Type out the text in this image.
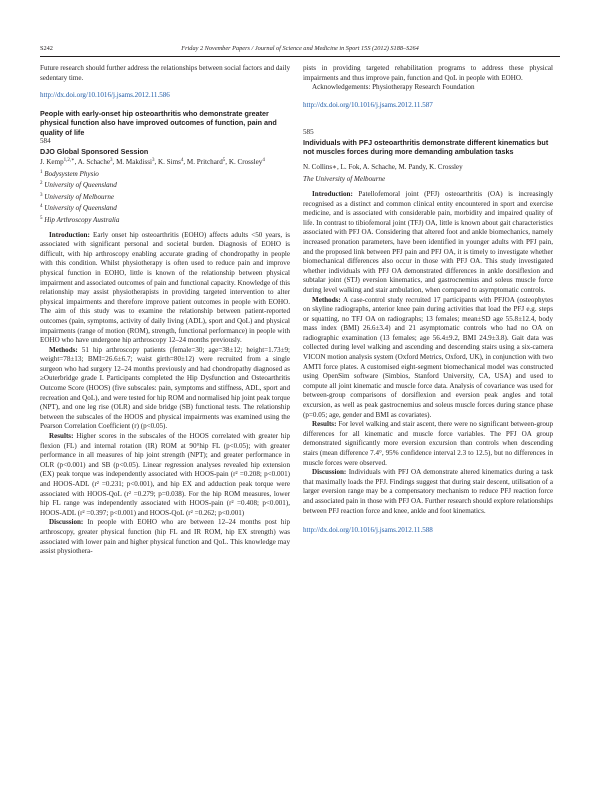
S242	Friday 2 November Papers / Journal of Science and Medicine in Sport 15S (2012) S188–S264

Future research should further address the relationships between social factors and daily sedentary time.

http://dx.doi.org/10.1016/j.jsams.2012.11.586

People with early-onset hip osteoarthritis who demonstrate greater physical function also have improved outcomes of function, pain and quality of life

584

DJO Global Sponsored Session

J. Kemp$^{1,2,∗}$, A. Schache$^3$, M. Makdissi$^3$, K. Sims$^4$, M. Pritchard$^5$, K. Crossley$^4$

$^1$ Bodysystem Physio

$^2$ University of Queensland

$^3$ University of Melbourne

$^4$ University of Queensland

$^5$ Hip Arthroscopy Australia

Introduction: Early onset hip osteoarthritis (EOHO) affects adults <50 years, is associated with significant personal and societal burden. Diagnosis of EOHO is difficult, with hip arthroscopy enabling accurate grading of chondropathy in people with this condition. Whilst physiotherapy is often used to reduce pain and improve physical function in EOHO, little is known of the relationship between physical impairment and associated outcomes of pain and functional capacity. Knowledge of this relationship may assist physiotherapists in providing targeted intervention to alter physical impairments and therefore improve patient outcomes in people with EOHO. The aim of this study was to examine the relationship between patient-reported outcomes (pain, symptoms, activity of daily living (ADL), sport and QoL) and physical impairments (range of motion (ROM), strength, functional performance) in people with EOHO who have undergone hip arthroscopy 12–24 months previously.

Methods: 51 hip arthroscopy patients (female=30; age=38±12; height=1.73±9; weight=78±13; BMI=26.6±6.7; waist girth=80±12) were recruited from a single surgeon who had surgery 12–24 months previously and had chondropathy diagnosed as ≥Outerbridge grade I. Participants completed the Hip Dysfunction and Osteoarthritis Outcome Score (HOOS) (five subscales: pain, symptoms and stiffness, ADL, sport and recreation and QoL), and were tested for hip ROM and normalised hip joint peak torque (NPT), and one leg rise (OLR) and side bridge (SB) functional tests. The relationship between the subscales of the HOOS and physical impairments was examined using the Pearson Correlation Coefficient (r) (p<0.05).

Results: Higher scores in the subscales of the HOOS correlated with greater hip flexion (FL) and internal rotation (IR) ROM at 90°hip FL (p<0.05); with greater performance in all measures of hip joint strength (NPT); and greater performance in OLR (p<0.001) and SB (p<0.05). Linear regression analyses revealed hip extension (EX) peak torque was independently associated with HOOS-pain (r² =0.208; p<0.001) and HOOS-ADL (r² =0.231; p<0.001), and hip EX and adduction peak torque were associated with HOOS-QoL (r² =0.279; p=0.038). For the hip ROM measures, lower hip FL range was independently associated with HOOS-pain (r² =0.408; p<0.001), HOOS-ADL (r² =0.397; p<0.001) and HOOS-QoL (r² =0.262; p<0.001)

Discussion: In people with EOHO who are between 12–24 months post hip arthroscopy, greater physical function (hip FL and IR ROM, hip EX strength) was associated with lower pain and higher physical function and QoL. This knowledge may assist physiothera-

pists in providing targeted rehabilitation programs to address these physical impairments and thus improve pain, function and QoL in people with EOHO.

Acknowledgements: Physiotherapy Research Foundation

http://dx.doi.org/10.1016/j.jsams.2012.11.587

585

Individuals with PFJ osteoarthritis demonstrate different kinematics but not muscles forces during more demanding ambulation tasks

N. Collins∗, L. Fok, A. Schache, M. Pandy, K. Crossley

The University of Melbourne

Introduction: Patellofemoral joint (PFJ) osteoarthritis (OA) is increasingly recognised as a distinct and common clinical entity encountered in sport and exercise medicine, and is associated with considerable pain, morbidity and impaired quality of life. In contrast to tibiofemoral joint (TFJ) OA, little is known about gait characteristics associated with PFJ OA. Considering that altered foot and ankle biomechanics, namely increased pronation parameters, have been identified in younger adults with PFJ pain, and the proposed link between PFJ pain and PFJ OA, it is timely to investigate whether biomechanical differences also occur in those with PFJ OA. This study investigated whether individuals with PFJ OA demonstrated differences in ankle dorsiflexion and subtalar joint (STJ) eversion kinematics, and gastrocnemius and soleus muscle force during level walking and stair ambulation, when compared to asymptomatic controls.

Methods: A case-control study recruited 17 participants with PFJOA (osteophytes on skyline radiographs, anterior knee pain during activities that load the PFJ e.g. steps or squatting, no TFJ OA on radiographs; 13 females; mean±SD age 55.8±12.4, body mass index (BMI) 26.6±3.4) and 21 asymptomatic controls who had no OA on radiographic examination (13 females; age 56.4±9.2, BMI 24.9±3.8). Gait data was collected during level walking and ascending and descending stairs using a six-camera VICON motion analysis system (Oxford Metrics, Oxford, UK), in conjunction with two AMTI force plates. A customised eight-segment biomechanical model was constructed using OpenSim software (Simbios, Stanford University, CA, USA) and used to compute all joint kinematic and muscle force data. Analysis of covariance was used for between-group comparisons of dorsiflexion and eversion peak angles and total excursion, as well as peak gastrocnemius and soleus muscle forces during stance phase (p=0.05; age, gender and BMI as covariates).

Results: For level walking and stair ascent, there were no significant between-group differences for all kinematic and muscle force variables. The PFJ OA group demonstrated significantly more eversion excursion than controls when descending stairs (mean difference 7.4°, 95% confidence interval 2.3 to 12.5), but no differences in muscle forces were observed.

Discussion: Individuals with PFJ OA demonstrate altered kinematics during a task that maximally loads the PFJ. Findings suggest that during stair descent, utilisation of a larger eversion range may be a compensatory mechanism to reduce PFJ reaction force and associated pain in those with PFJ OA. Further research should explore relationships between PFJ reaction force and knee, ankle and foot kinematics.

http://dx.doi.org/10.1016/j.jsams.2012.11.588
